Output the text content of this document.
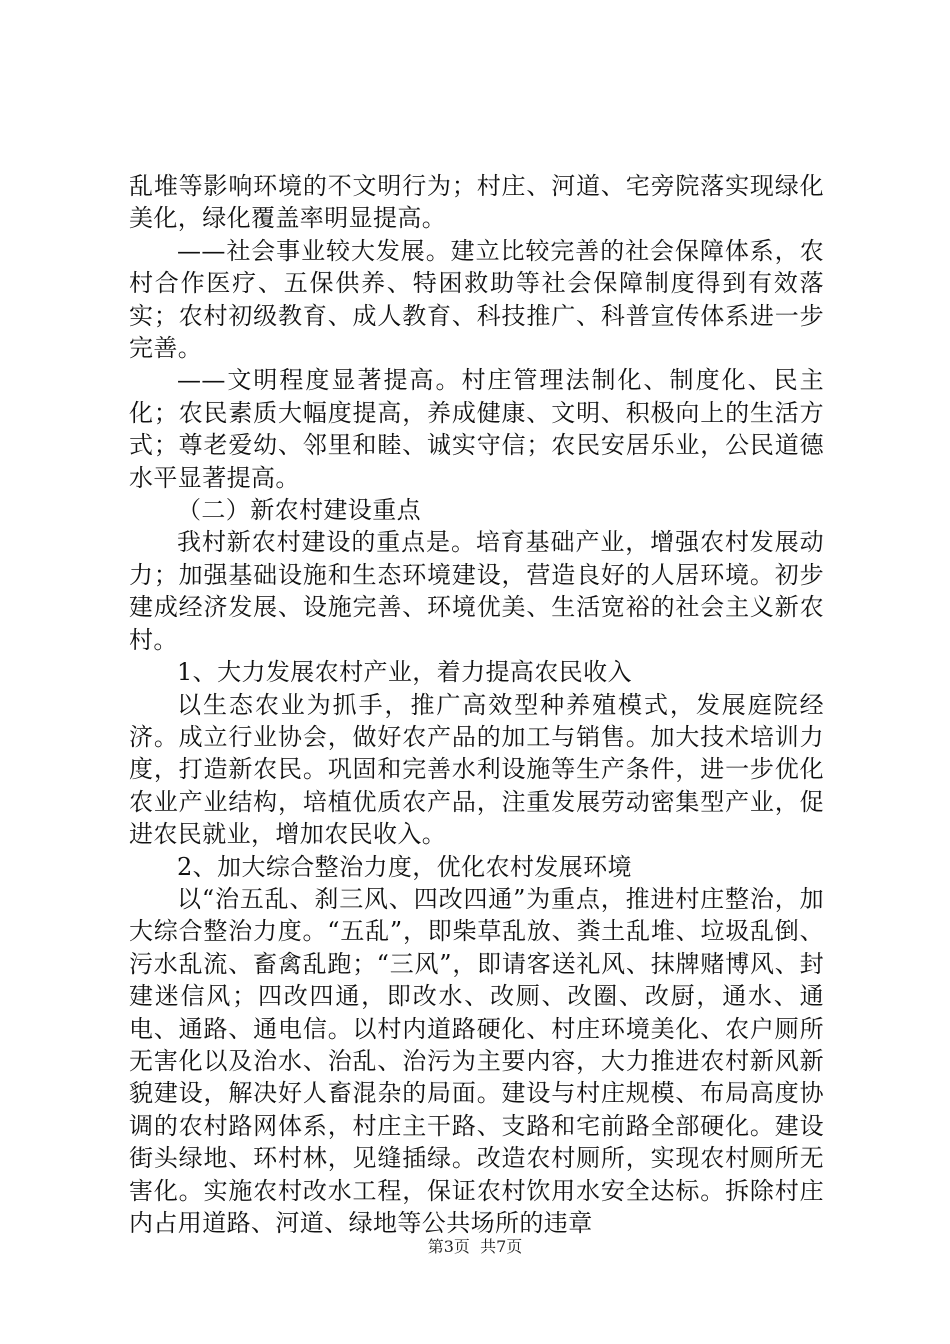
乱堆等影响环境的不文明行为；村庄、河道、宅旁院落实现绿化美化，绿化覆盖率明显提高。

——社会事业较大发展。建立比较完善的社会保障体系，农村合作医疗、五保供养、特困救助等社会保障制度得到有效落实；农村初级教育、成人教育、科技推广、科普宣传体系进一步完善。

——文明程度显著提高。村庄管理法制化、制度化、民主化；农民素质大幅度提高，养成健康、文明、积极向上的生活方式；尊老爱幼、邻里和睦、诚实守信；农民安居乐业，公民道德水平显著提高。

（二）新农村建设重点

我村新农村建设的重点是。培育基础产业，增强农村发展动力；加强基础设施和生态环境建设，营造良好的人居环境。初步建成经济发展、设施完善、环境优美、生活宽裕的社会主义新农村。

1、大力发展农村产业，着力提高农民收入

以生态农业为抓手，推广高效型种养殖模式，发展庭院经济。成立行业协会，做好农产品的加工与销售。加大技术培训力度，打造新农民。巩固和完善水利设施等生产条件，进一步优化农业产业结构，培植优质农产品，注重发展劳动密集型产业，促进农民就业，增加农民收入。

2、加大综合整治力度，优化农村发展环境

以“治五乱、刹三风、四改四通”为重点，推进村庄整治，加大综合整治力度。“五乱”，即柴草乱放、粪土乱堆、垃圾乱倒、污水乱流、畜禽乱跑；“三风”，即请客送礼风、抹牌赌博风、封建迷信风；四改四通，即改水、改厕、改圈、改厨，通水、通电、通路、通电信。以村内道路硬化、村庄环境美化、农户厕所无害化以及治水、治乱、治污为主要内容，大力推进农村新风新貌建设，解决好人畜混杂的局面。建设与村庄规模、布局高度协调的农村路网体系，村庄主干路、支路和宅前路全部硬化。建设街头绿地、环村林，见缝插绿。改造农村厕所，实现农村厕所无害化。实施农村改水工程，保证农村饮用水安全达标。拆除村庄内占用道路、河道、绿地等公共场所的违章

第3页  共7页
